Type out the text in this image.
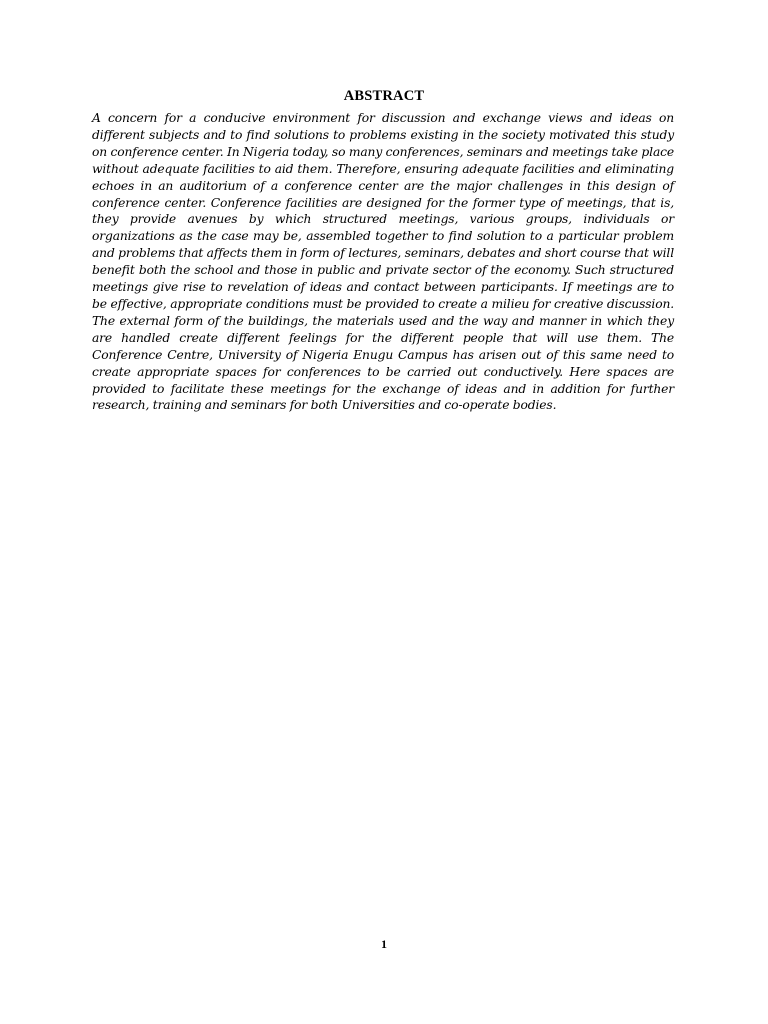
ABSTRACT

A concern for a conducive environment for discussion and exchange views and ideas on different subjects and to find solutions to problems existing in the society motivated this study on conference center. In Nigeria today, so many conferences, seminars and meetings take place without adequate facilities to aid them. Therefore, ensuring adequate facilities and eliminating echoes in an auditorium of a conference center are the major challenges in this design of conference center. Conference facilities are designed for the former type of meetings, that is, they provide avenues by which structured meetings, various groups, individuals or organizations as the case may be, assembled together to find solution to a particular problem and problems that affects them in form of lectures, seminars, debates and short course that will benefit both the school and those in public and private sector of the economy. Such structured meetings give rise to revelation of ideas and contact between participants. If meetings are to be effective, appropriate conditions must be provided to create a milieu for creative discussion. The external form of the buildings, the materials used and the way and manner in which they are handled create different feelings for the different people that will use them. The Conference Centre, University of Nigeria Enugu Campus has arisen out of this same need to create appropriate spaces for conferences to be carried out conductively. Here spaces are provided to facilitate these meetings for the exchange of ideas and in addition for further research, training and seminars for both Universities and co-operate bodies.

1
